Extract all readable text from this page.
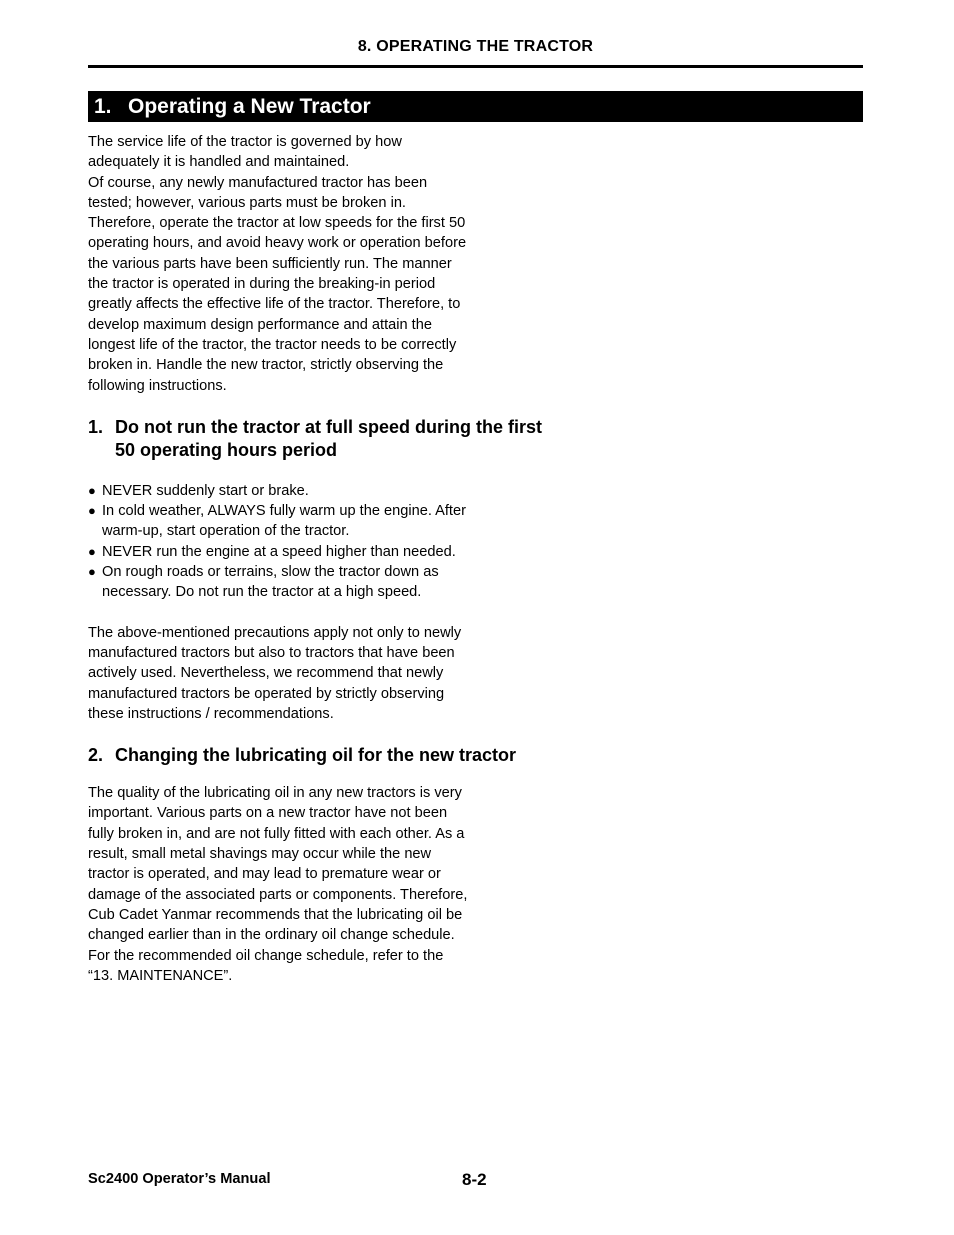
8. OPERATING THE TRACTOR
1. Operating a New Tractor

The service life of the tractor is governed by how adequately it is handled and maintained.

Of course, any newly manufactured tractor has been tested; however, various parts must be broken in. Therefore, operate the tractor at low speeds for the first 50 operating hours, and avoid heavy work or operation before the various parts have been sufficiently run. The manner the tractor is operated in during the breaking-in period greatly affects the effective life of the tractor. Therefore, to develop maximum design performance and attain the longest life of the tractor, the tractor needs to be correctly broken in. Handle the new tractor, strictly observing the following instructions.

1. Do not run the tractor at full speed during the first 50 operating hours period
● NEVER suddenly start or brake.
● In cold weather, ALWAYS fully warm up the engine. After warm-up, start operation of the tractor.
● NEVER run the engine at a speed higher than needed.
● On rough roads or terrains, slow the tractor down as necessary. Do not run the tractor at a high speed.

The above-mentioned precautions apply not only to newly manufactured tractors but also to tractors that have been actively used. Nevertheless, we recommend that newly manufactured tractors be operated by strictly observing these instructions / recommendations.

2. Changing the lubricating oil for the new tractor

The quality of the lubricating oil in any new tractors is very important. Various parts on a new tractor have not been fully broken in, and are not fully fitted with each other. As a result, small metal shavings may occur while the new tractor is operated, and may lead to premature wear or damage of the associated parts or components. Therefore, Cub Cadet Yanmar recommends that the lubricating oil be changed earlier than in the ordinary oil change schedule.

For the recommended oil change schedule, refer to the “13. MAINTENANCE”.

Sc2400 Operator’s Manual	8-2
